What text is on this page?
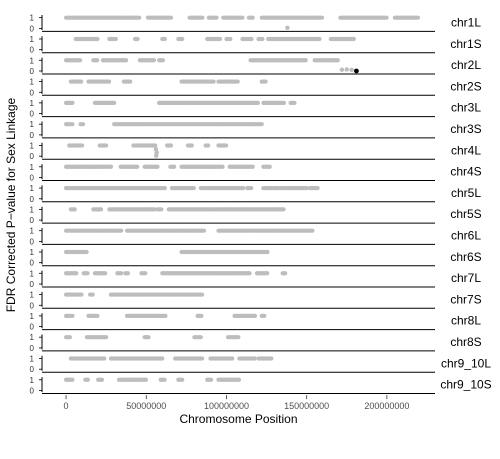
1
0	chr1L
1
0	chr1S
1
0	chr2L
1
0	chr2S
1
0	chr3L
1
0	chr3S
1
0	chr4L
1
0	chr4S
1
0	chr5L
1
0	chr5S
1
0	chr6L
1
0	chr6S
1
0	chr7L
1
0	chr7S
1
0	chr8L
1
0	chr8S
1
0	chr9_10L
1
0	chr9_10S
0	50000000	100000000	150000000	200000000
Chromosome Position
FDR Corrected P−value for Sex Linkage
